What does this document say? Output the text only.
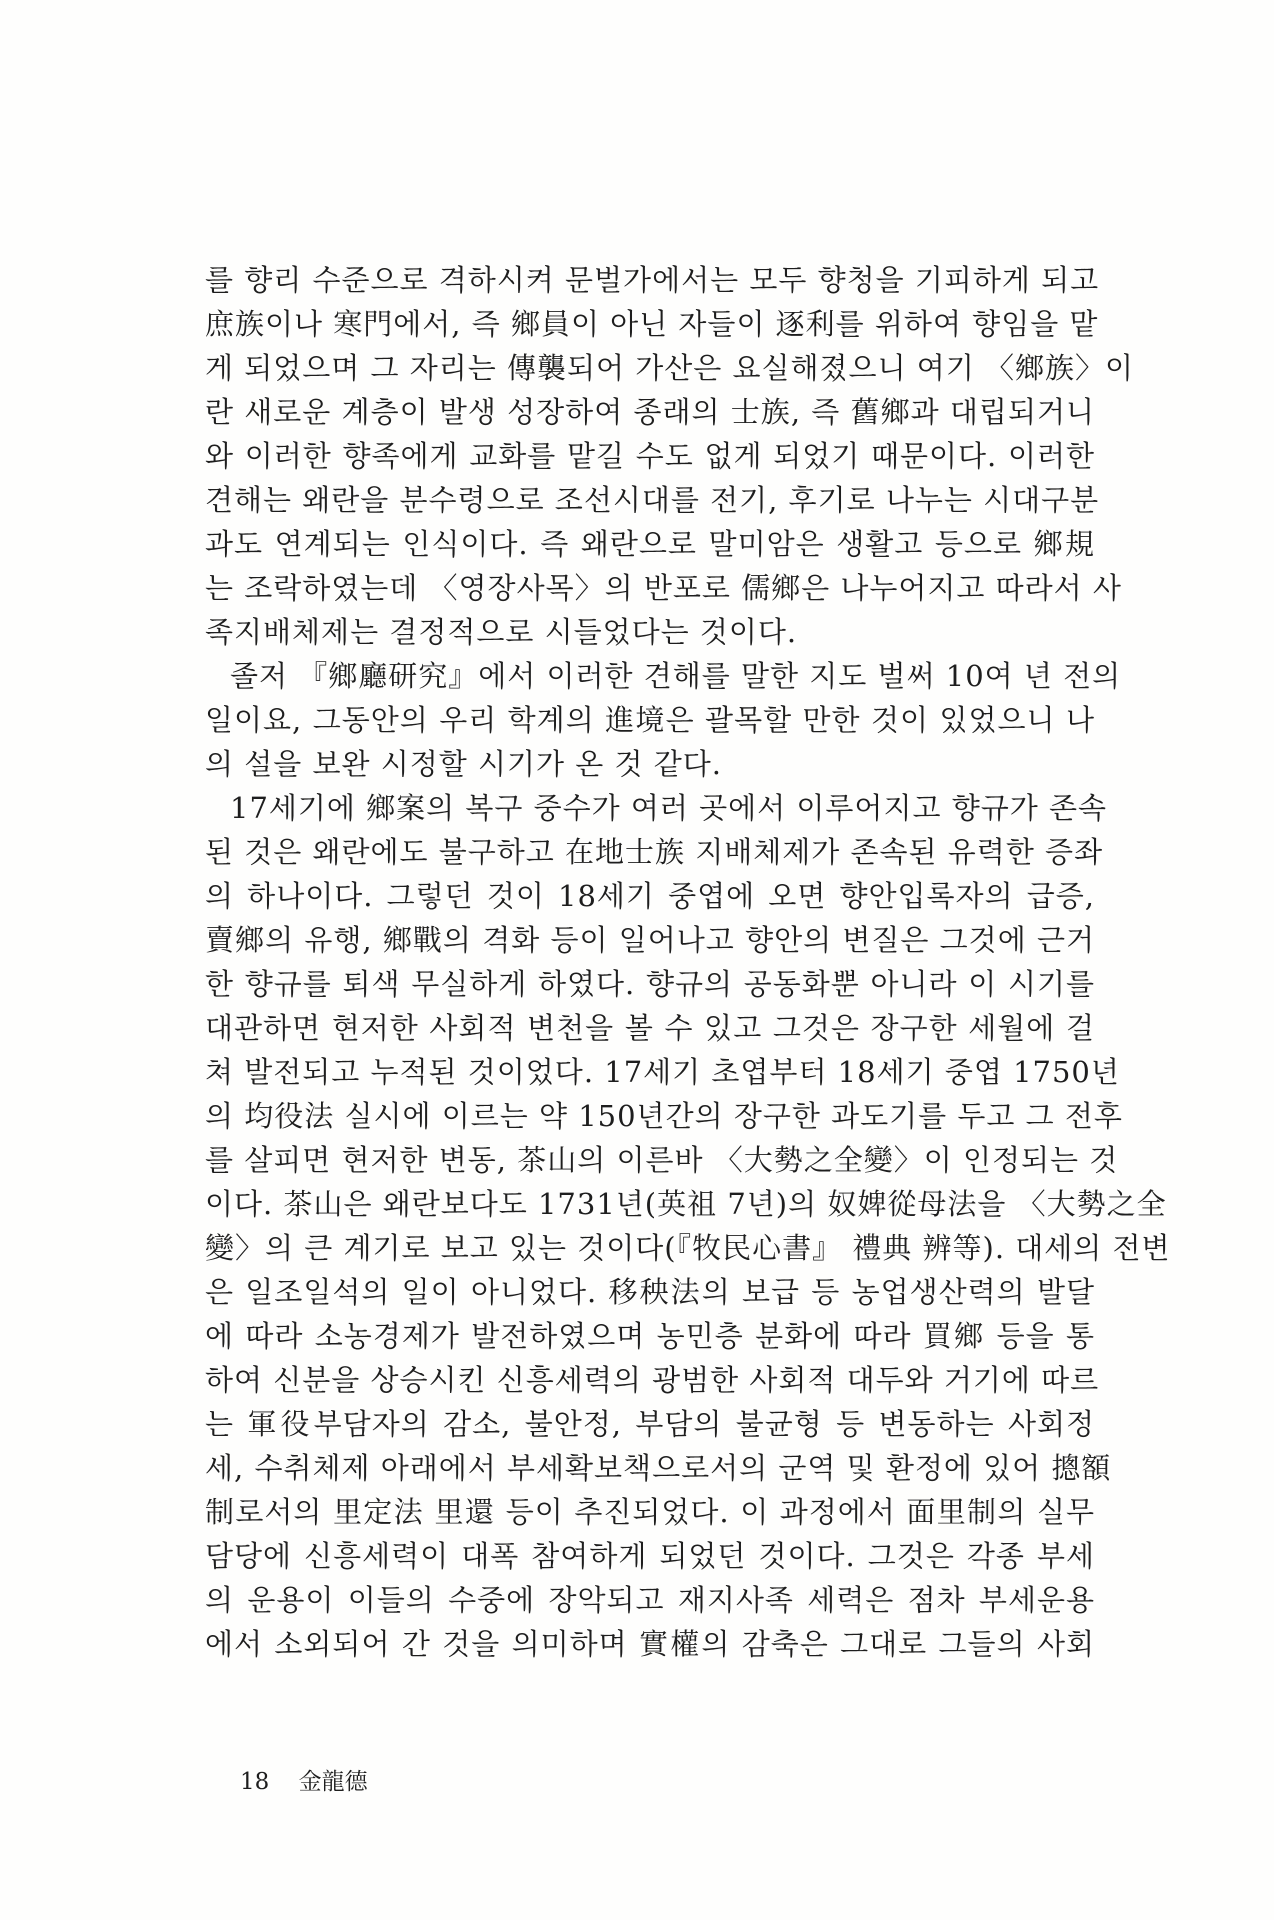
를 향리 수준으로 격하시켜 문벌가에서는 모두 향청을 기피하게 되고
庶族이나 寒門에서, 즉 鄉員이 아닌 자들이 逐利를 위하여 향임을 맡
게 되었으며 그 자리는 傳襲되어 가산은 요실해졌으니 여기 〈鄉族〉이
란 새로운 계층이 발생 성장하여 종래의 士族, 즉 舊鄉과 대립되거니
와 이러한 향족에게 교화를 맡길 수도 없게 되었기 때문이다. 이러한
견해는 왜란을 분수령으로 조선시대를 전기, 후기로 나누는 시대구분
과도 연계되는 인식이다. 즉 왜란으로 말미암은 생활고 등으로 鄉規
는 조락하였는데 〈영장사목〉의 반포로 儒鄉은 나누어지고 따라서 사
족지배체제는 결정적으로 시들었다는 것이다.
졸저 『鄉廳研究』에서 이러한 견해를 말한 지도 벌써 10여 년 전의
일이요, 그동안의 우리 학계의 進境은 괄목할 만한 것이 있었으니 나
의 설을 보완 시정할 시기가 온 것 같다.
17세기에 鄉案의 복구 중수가 여러 곳에서 이루어지고 향규가 존속
된 것은 왜란에도 불구하고 在地士族 지배체제가 존속된 유력한 증좌
의 하나이다. 그렇던 것이 18세기 중엽에 오면 향안입록자의 급증,
賣鄉의 유행, 鄉戰의 격화 등이 일어나고 향안의 변질은 그것에 근거
한 향규를 퇴색 무실하게 하였다. 향규의 공동화뿐 아니라 이 시기를
대관하면 현저한 사회적 변천을 볼 수 있고 그것은 장구한 세월에 걸
쳐 발전되고 누적된 것이었다. 17세기 초엽부터 18세기 중엽 1750년
의 均役法 실시에 이르는 약 150년간의 장구한 과도기를 두고 그 전후
를 살피면 현저한 변동, 茶山의 이른바 〈大勢之全變〉이 인정되는 것
이다. 茶山은 왜란보다도 1731년(英祖 7년)의 奴婢從母法을 〈大勢之全
變〉의 큰 계기로 보고 있는 것이다(『牧民心書』 禮典 辨等). 대세의 전변
은 일조일석의 일이 아니었다. 移秧法의 보급 등 농업생산력의 발달
에 따라 소농경제가 발전하였으며 농민층 분화에 따라 買鄉 등을 통
하여 신분을 상승시킨 신흥세력의 광범한 사회적 대두와 거기에 따르
는 軍役부담자의 감소, 불안정, 부담의 불균형 등 변동하는 사회정
세, 수취체제 아래에서 부세확보책으로서의 군역 및 환정에 있어 摠額
制로서의 里定法 里還 등이 추진되었다. 이 과정에서 面里制의 실무
담당에 신흥세력이 대폭 참여하게 되었던 것이다. 그것은 각종 부세
의 운용이 이들의 수중에 장악되고 재지사족 세력은 점차 부세운용
에서 소외되어 간 것을 의미하며 實權의 감축은 그대로 그들의 사회
18 金龍德
